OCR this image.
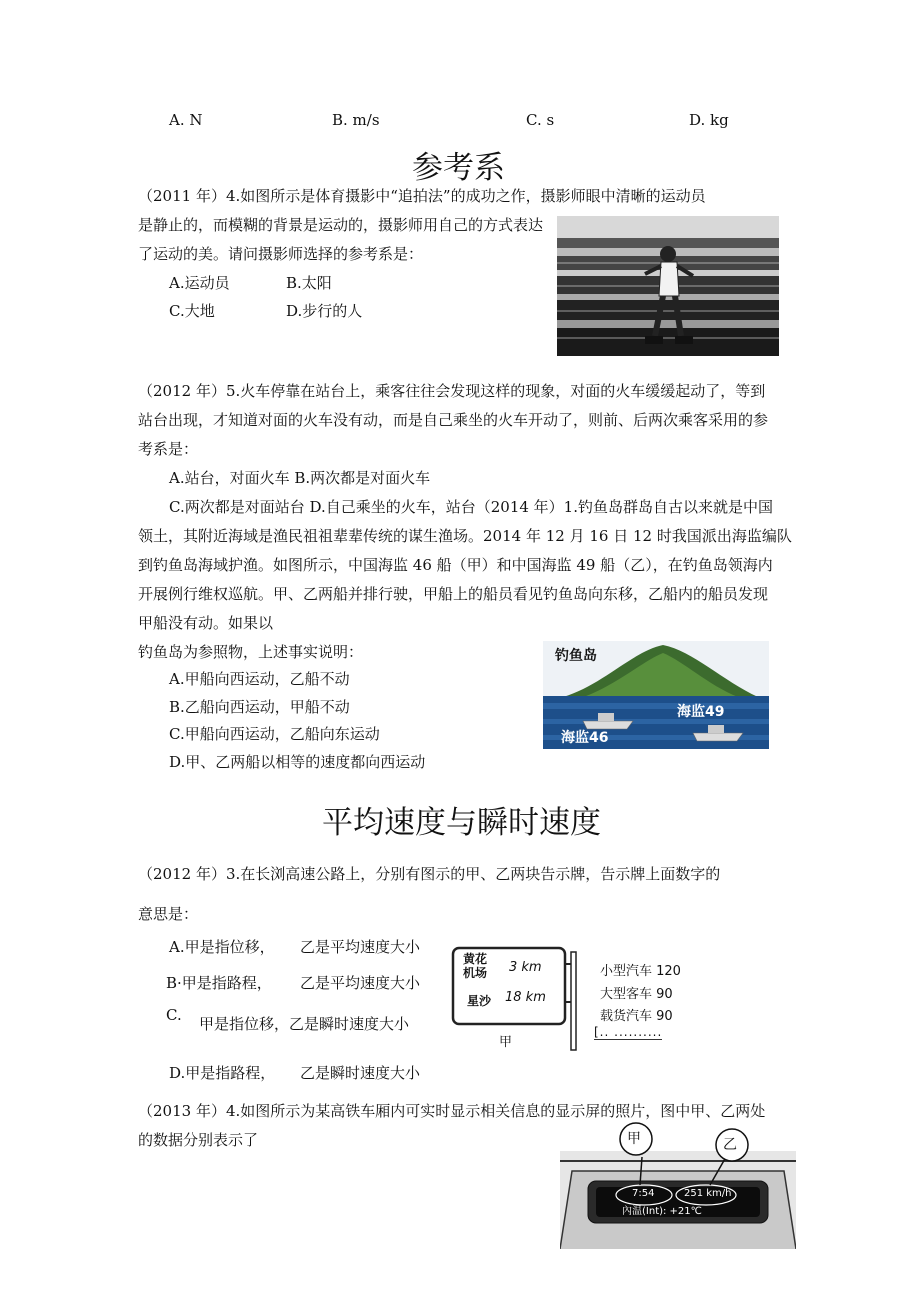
A. N	B. m/s	C. s	D. kg
参考系
（2011 年）4.如图所示是体育摄影中“追拍法”的成功之作，摄影师眼中清晰的运动员
是静止的，而模糊的背景是运动的，摄影师用自己的方式表达
了运动的美。请问摄影师选择的参考系是：
A.运动员	B.太阳
C.大地	D.步行的人
（2012 年）5.火车停靠在站台上，乘客往往会发现这样的现象，对面的火车缓缓起动了，等到
站台出现，才知道对面的火车没有动，而是自己乘坐的火车开动了，则前、后两次乘客采用的参
考系是：
A.站台，对面火车 B.两次都是对面火车
C.两次都是对面站台 D.自己乘坐的火车，站台（2014 年）1.钓鱼岛群岛自古以来就是中国
领土，其附近海域是渔民祖祖辈辈传统的谋生渔场。2014 年 12 月 16 日 12 时我国派出海监编队
到钓鱼岛海域护渔。如图所示，中国海监 46 船（甲）和中国海监 49 船（乙），在钓鱼岛领海内
开展例行维权巡航。甲、乙两船并排行驶，甲船上的船员看见钓鱼岛向东移，乙船内的船员发现
甲船没有动。如果以
钓鱼岛为参照物，上述事实说明：
A.甲船向西运动，乙船不动
B.乙船向西运动，甲船不动
C.甲船向西运动，乙船向东运动
D.甲、乙两船以相等的速度都向西运动
钓鱼岛
海监49
海监46
平均速度与瞬时速度
（2012 年）3.在长浏高速公路上，分别有图示的甲、乙两块告示牌，告示牌上面数字的
意思是：
A.甲是指位移， 乙是平均速度大小
B·甲是指路程， 乙是平均速度大小
C. 甲是指位移，乙是瞬时速度大小
D.甲是指路程， 乙是瞬时速度大小
黄花
机场 3 km
星沙 18 km
甲
小型汽车 120
大型客车 90
载货汽车 90
[.. ..........
（2013 年）4.如图所示为某高铁车厢内可实时显示相关信息的显示屏的照片，图中甲、乙两处
的数据分别表示了	甲	乙
7:54	251 km/h
內温(Int): +21℃
